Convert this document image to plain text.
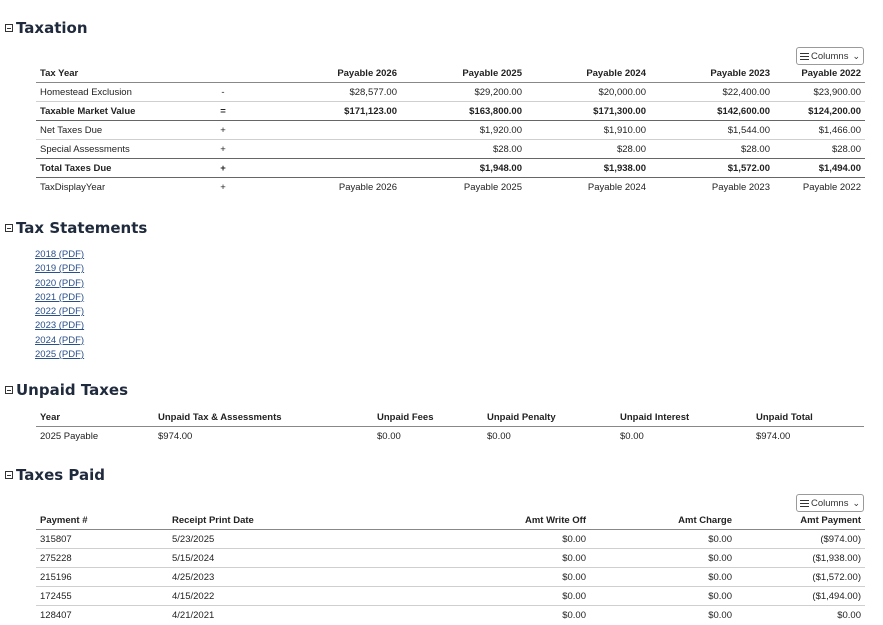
Taxation
Columns ⌄
Tax Year		Payable 2026	Payable 2025	Payable 2024	Payable 2023	Payable 2022
Homestead Exclusion	-	$28,577.00	$29,200.00	$20,000.00	$22,400.00	$23,900.00
Taxable Market Value	=	$171,123.00	$163,800.00	$171,300.00	$142,600.00	$124,200.00
Net Taxes Due	+		$1,920.00	$1,910.00	$1,544.00	$1,466.00
Special Assessments	+		$28.00	$28.00	$28.00	$28.00
Total Taxes Due	+		$1,948.00	$1,938.00	$1,572.00	$1,494.00
TaxDisplayYear	+	Payable 2026	Payable 2025	Payable 2024	Payable 2023	Payable 2022
Tax Statements
2018 (PDF)
2019 (PDF)
2020 (PDF)
2021 (PDF)
2022 (PDF)
2023 (PDF)
2024 (PDF)
2025 (PDF)
Unpaid Taxes
Year	Unpaid Tax & Assessments	Unpaid Fees	Unpaid Penalty	Unpaid Interest	Unpaid Total
2025 Payable	$974.00	$0.00	$0.00	$0.00	$974.00
Taxes Paid
Columns ⌄
Payment #	Receipt Print Date	Amt Write Off	Amt Charge	Amt Payment
315807	5/23/2025	$0.00	$0.00	($974.00)
275228	5/15/2024	$0.00	$0.00	($1,938.00)
215196	4/25/2023	$0.00	$0.00	($1,572.00)
172455	4/15/2022	$0.00	$0.00	($1,494.00)
128407	4/21/2021	$0.00	$0.00	$0.00
